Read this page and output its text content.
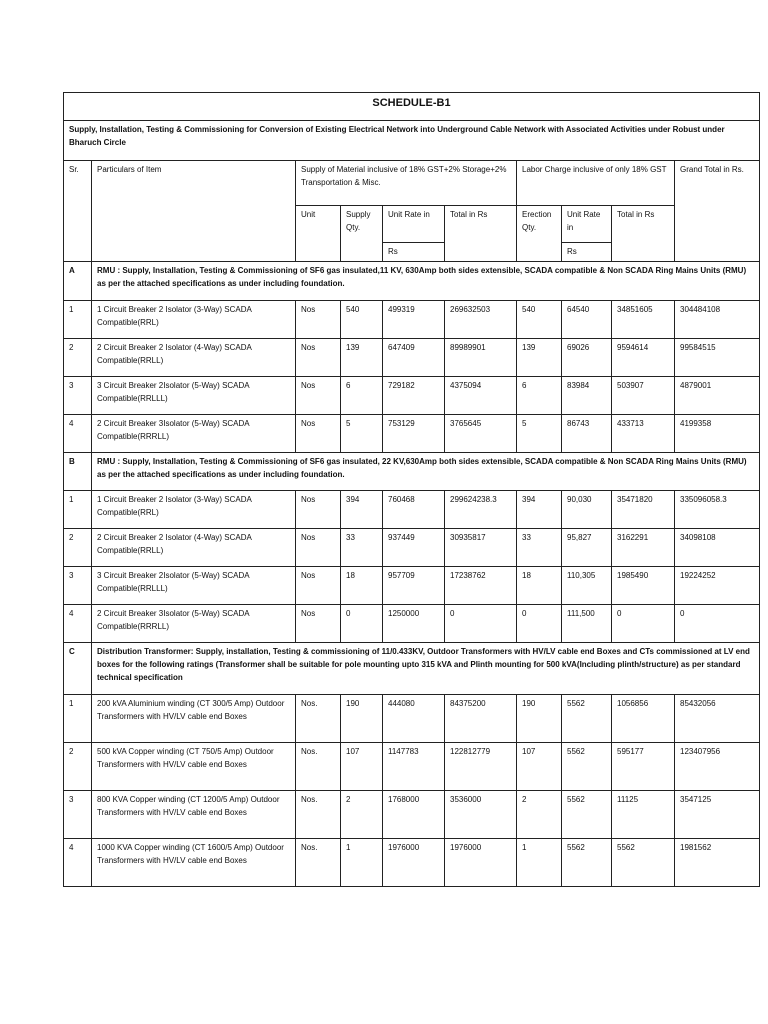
SCHEDULE-B1									
Supply, Installation, Testing & Commissioning for Conversion of Existing Electrical Network into Underground Cable Network with Associated Activities under Robust under Bharuch Circle									
Sr.	Particulars of Item	Supply of Material inclusive of 18% GST+2% Storage+2% Transportation & Misc.				Labor Charge inclusive of only 18% GST			Grand Total in Rs.
		Unit	Supply Qty.	Unit Rate in	Total in Rs	Erection Qty.	Unit Rate in	Total in Rs	
				Rs			Rs		
A	RMU : Supply, Installation, Testing & Commissioning of SF6 gas insulated,11 KV, 630Amp both sides extensible, SCADA compatible & Non SCADA Ring Mains Units (RMU) as per the attached specifications as under including foundation.								
1	1 Circuit Breaker 2 Isolator (3-Way) SCADA Compatible(RRL)	Nos	540	499319	269632503	540	64540	34851605	304484108
2	2 Circuit Breaker 2 Isolator (4-Way) SCADA Compatible(RRLL)	Nos	139	647409	89989901	139	69026	9594614	99584515
3	3 Circuit Breaker 2Isolator (5-Way) SCADA Compatible(RRLLL)	Nos	6	729182	4375094	6	83984	503907	4879001
4	2 Circuit Breaker 3Isolator (5-Way) SCADA Compatible(RRRLL)	Nos	5	753129	3765645	5	86743	433713	4199358
B	RMU : Supply, Installation, Testing & Commissioning of SF6 gas insulated, 22 KV,630Amp both sides extensible, SCADA compatible & Non SCADA Ring Mains Units (RMU) as per the attached specifications as under including foundation.								
1	1 Circuit Breaker 2 Isolator (3-Way) SCADA Compatible(RRL)	Nos	394	760468	299624238.3	394	90,030	35471820	335096058.3
2	2 Circuit Breaker 2 Isolator (4-Way) SCADA Compatible(RRLL)	Nos	33	937449	30935817	33	95,827	3162291	34098108
3	3 Circuit Breaker 2Isolator (5-Way) SCADA Compatible(RRLLL)	Nos	18	957709	17238762	18	110,305	1985490	19224252
4	2 Circuit Breaker 3Isolator (5-Way) SCADA Compatible(RRRLL)	Nos	0	1250000	0	0	111,500	0	0
C	Distribution Transformer: Supply, installation, Testing & commissioning of 11/0.433KV, Outdoor Transformers with HV/LV cable end Boxes and CTs commissioned at LV end boxes for the following ratings (Transformer shall be suitable for pole mounting upto 315 kVA and Plinth mounting for 500 kVA(Including plinth/structure) as per standard technical specification								
1	200 kVA Aluminium winding (CT 300/5 Amp) Outdoor Transformers with HV/LV cable end Boxes	Nos.	190	444080	84375200	190	5562	1056856	85432056
2	500 kVA Copper winding (CT 750/5 Amp) Outdoor Transformers with HV/LV cable end Boxes	Nos.	107	1147783	122812779	107	5562	595177	123407956
3	800 KVA Copper winding (CT 1200/5 Amp) Outdoor Transformers with HV/LV cable end Boxes	Nos.	2	1768000	3536000	2	5562	11125	3547125
4	1000 KVA Copper winding (CT 1600/5 Amp) Outdoor Transformers with HV/LV cable end Boxes	Nos.	1	1976000	1976000	1	5562	5562	1981562
